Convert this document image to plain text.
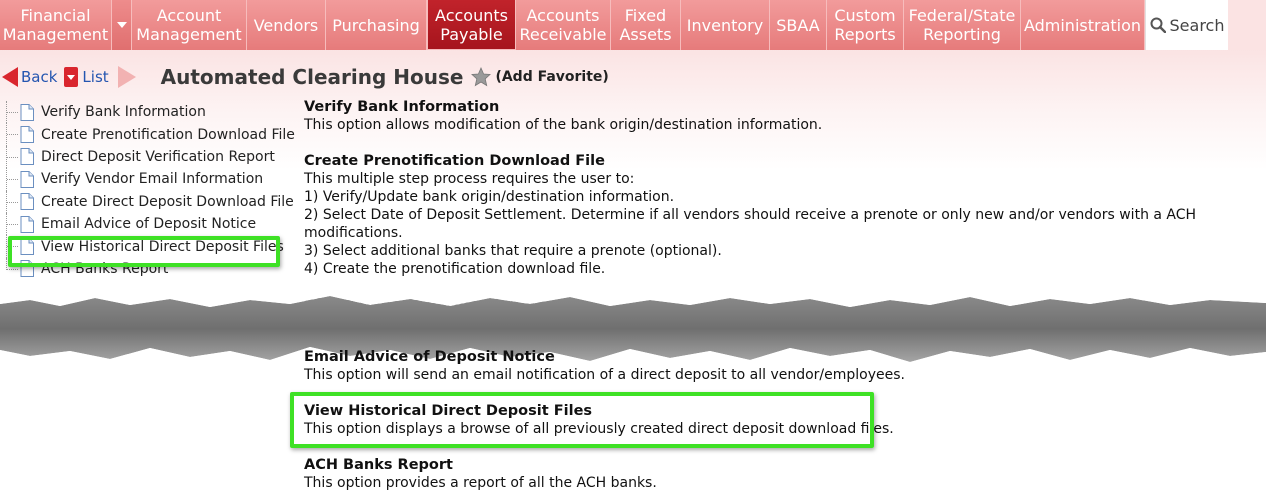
Financial
Management
Account
Management Vendors Purchasing
Accounts
Payable
Accounts
Receivable
Fixed
Assets Inventory SBAA Custom
Reports
Federal/State
Reporting	Administration Search
Back List	Automated Clearing House (Add Favorite)
Verify Bank Information
Create Prenotification Download File
Direct Deposit Verification Report
Verify Vendor Email Information
Create Direct Deposit Download File
Email Advice of Deposit Notice
View Historical Direct Deposit Files
ACH Banks Report
Verify Bank Information

This option allows modification of the bank origin/destination information.

Create Prenotification Download File

This multiple step process requires the user to:

1) Verify/Update bank origin/destination information.

2) Select Date of Deposit Settlement. Determine if all vendors should receive a prenote or only new and/or vendors with a ACH modifications.

3) Select additional banks that require a prenote (optional).

4) Create the prenotification download file.

Email Advice of Deposit Notice

This option will send an email notification of a direct deposit to all vendor/employees.

View Historical Direct Deposit Files

This option displays a browse of all previously created direct deposit download files.

ACH Banks Report

This option provides a report of all the ACH banks.
